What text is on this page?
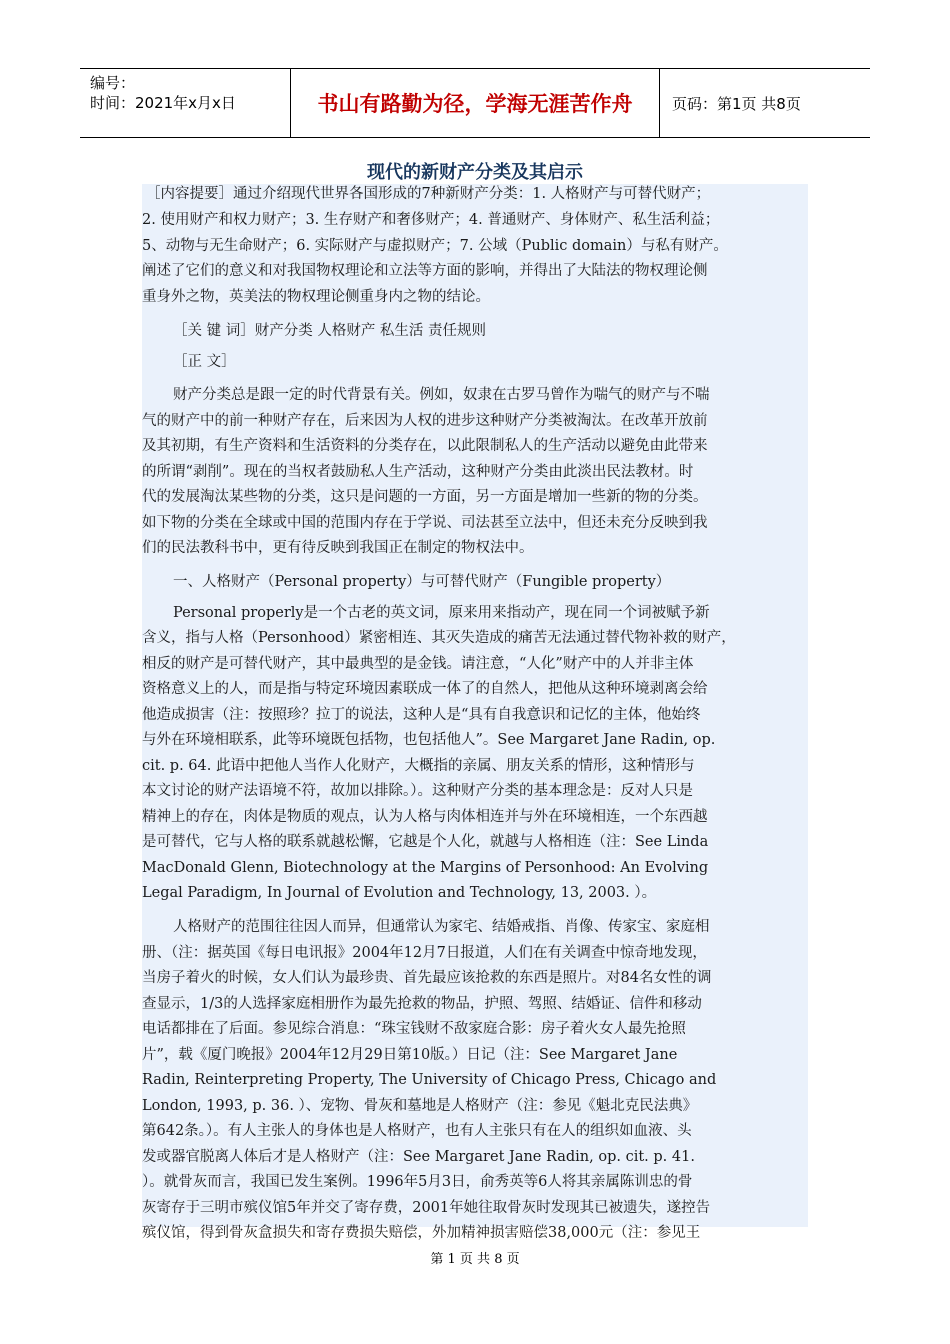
编号：
时间：2021年x月x日	书山有路勤为径，学海无涯苦作舟	页码：第1页 共8页
现代的新财产分类及其启示
［内容提要］通过介绍现代世界各国形成的7种新财产分类：1. 人格财产与可替代财产；
2. 使用财产和权力财产；3. 生存财产和奢侈财产；4. 普通财产、身体财产、私生活利益；
5、动物与无生命财产；6. 实际财产与虚拟财产；7. 公域（Public domain）与私有财产。
阐述了它们的意义和对我国物权理论和立法等方面的影响，并得出了大陆法的物权理论侧
重身外之物，英美法的物权理论侧重身内之物的结论。
［关 键 词］财产分类 人格财产 私生活 责任规则
［正 文］
财产分类总是跟一定的时代背景有关。例如，奴隶在古罗马曾作为喘气的财产与不喘
气的财产中的前一种财产存在，后来因为人权的进步这种财产分类被淘汰。在改革开放前
及其初期，有生产资料和生活资料的分类存在，以此限制私人的生产活动以避免由此带来
的所谓“剥削”。现在的当权者鼓励私人生产活动，这种财产分类由此淡出民法教材。时
代的发展淘汰某些物的分类，这只是问题的一方面，另一方面是增加一些新的物的分类。
如下物的分类在全球或中国的范围内存在于学说、司法甚至立法中，但还未充分反映到我
们的民法教科书中，更有待反映到我国正在制定的物权法中。
一、人格财产（Personal property）与可替代财产（Fungible property）
Personal properly是一个古老的英文词，原来用来指动产，现在同一个词被赋予新
含义，指与人格（Personhood）紧密相连、其灭失造成的痛苦无法通过替代物补救的财产，
相反的财产是可替代财产，其中最典型的是金钱。请注意，“人化”财产中的人并非主体
资格意义上的人，而是指与特定环境因素联成一体了的自然人，把他从这种环境剥离会给
他造成损害（注：按照珍？拉丁的说法，这种人是“具有自我意识和记忆的主体，他始终
与外在环境相联系，此等环境既包括物，也包括他人”。See Margaret Jane Radin, op.
cit. p. 64. 此语中把他人当作人化财产，大概指的亲属、朋友关系的情形，这种情形与
本文讨论的财产法语境不符，故加以排除。）。这种财产分类的基本理念是：反对人只是
精神上的存在，肉体是物质的观点，认为人格与肉体相连并与外在环境相连，一个东西越
是可替代，它与人格的联系就越松懈，它越是个人化，就越与人格相连（注：See Linda
MacDonald Glenn, Biotechnology at the Margins of Personhood: An Evolving
Legal Paradigm, In Journal of Evolution and Technology, 13, 2003. ）。
人格财产的范围往往因人而异，但通常认为家宅、结婚戒指、肖像、传家宝、家庭相
册、（注：据英国《每日电讯报》2004年12月7日报道，人们在有关调查中惊奇地发现，
当房子着火的时候，女人们认为最珍贵、首先最应该抢救的东西是照片。对84名女性的调
查显示，1/3的人选择家庭相册作为最先抢救的物品，护照、驾照、结婚证、信件和移动
电话都排在了后面。参见综合消息：“珠宝钱财不敌家庭合影：房子着火女人最先抢照
片”，载《厦门晚报》2004年12月29日第10版。）日记（注：See Margaret Jane
Radin, Reinterpreting Property, The University of Chicago Press, Chicago and
London, 1993, p. 36. ）、宠物、骨灰和墓地是人格财产（注：参见《魁北克民法典》
第642条。）。有人主张人的身体也是人格财产，也有人主张只有在人的组织如血液、头
发或器官脱离人体后才是人格财产（注：See Margaret Jane Radin, op. cit. p. 41.
）。就骨灰而言，我国已发生案例。1996年5月3日，俞秀英等6人将其亲属陈训忠的骨
灰寄存于三明市殡仪馆5年并交了寄存费，2001年她往取骨灰时发现其已被遗失，遂控告
殡仪馆，得到骨灰盒损失和寄存费损失赔偿，外加精神损害赔偿38,000元（注：参见王
第 1 页 共 8 页
